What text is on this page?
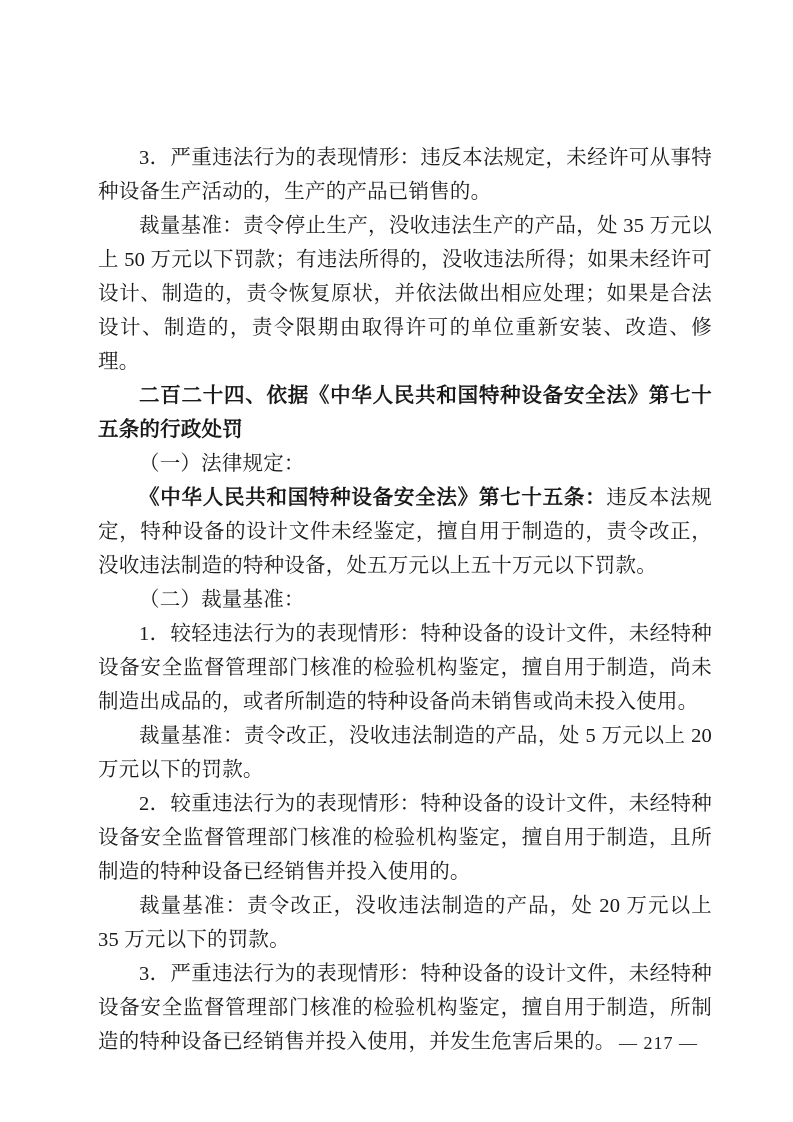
3．严重违法行为的表现情形：违反本法规定，未经许可从事特种设备生产活动的，生产的产品已销售的。

裁量基准：责令停止生产，没收违法生产的产品，处 35 万元以上 50 万元以下罚款；有违法所得的，没收违法所得；如果未经许可设计、制造的，责令恢复原状，并依法做出相应处理；如果是合法设计、制造的，责令限期由取得许可的单位重新安装、改造、修理。

二百二十四、依据《中华人民共和国特种设备安全法》第七十五条的行政处罚

（一）法律规定：

《中华人民共和国特种设备安全法》第七十五条：违反本法规定，特种设备的设计文件未经鉴定，擅自用于制造的，责令改正，没收违法制造的特种设备，处五万元以上五十万元以下罚款。

（二）裁量基准：

1．较轻违法行为的表现情形：特种设备的设计文件，未经特种设备安全监督管理部门核准的检验机构鉴定，擅自用于制造，尚未制造出成品的，或者所制造的特种设备尚未销售或尚未投入使用。

裁量基准：责令改正，没收违法制造的产品，处 5 万元以上 20 万元以下的罚款。

2．较重违法行为的表现情形：特种设备的设计文件，未经特种设备安全监督管理部门核准的检验机构鉴定，擅自用于制造，且所制造的特种设备已经销售并投入使用的。

裁量基准：责令改正，没收违法制造的产品，处 20 万元以上 35 万元以下的罚款。

3．严重违法行为的表现情形：特种设备的设计文件，未经特种设备安全监督管理部门核准的检验机构鉴定，擅自用于制造，所制造的特种设备已经销售并投入使用，并发生危害后果的。 — 217 —
